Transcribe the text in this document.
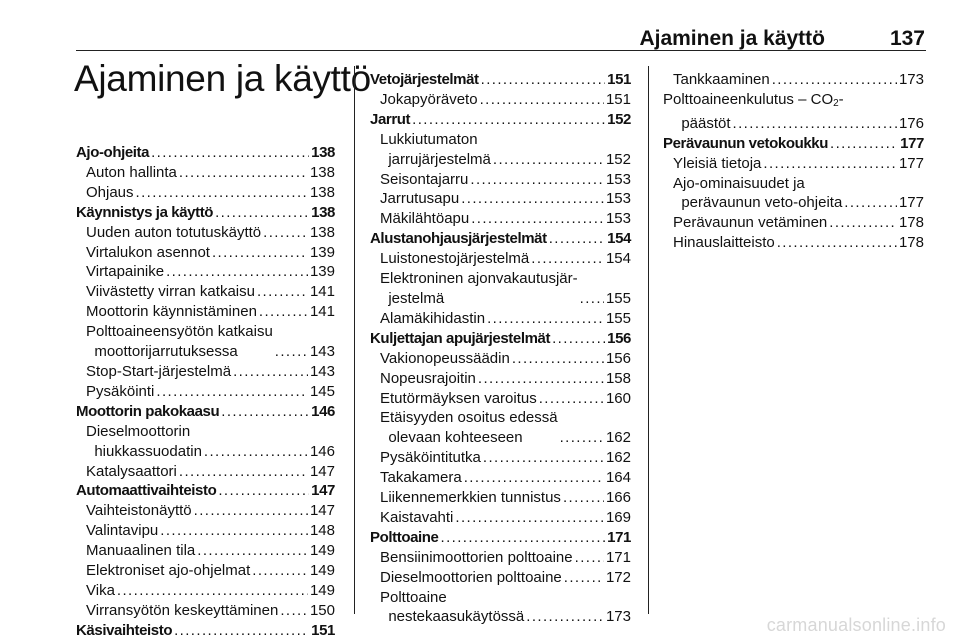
Ajaminen ja käyttö	137
Ajaminen ja käyttö
Ajo-ohjeita .....	138
Auton hallinta .....	138
Ohjaus .....	138
Käynnistys ja käyttö .....	138
Uuden auton totutuskäyttö .....	138
Virtalukon asennot .....	139
Virtapainike .....	139
Viivästetty virran katkaisu .....	141
Moottorin käynnistäminen .....	141
Polttoaineensyötön katkaisu
moottorijarrutuksessa .....	143
Stop-Start-järjestelmä .....	143
Pysäköinti .....	145
Moottorin pakokaasu .....	146
Dieselmoottorin
hiukkassuodatin .....	146
Katalysaattori .....	147
Automaattivaihteisto .....	147
Vaihteistonäyttö .....	147
Valintavipu .....	148
Manuaalinen tila .....	149
Elektroniset ajo-ohjelmat .....	149
Vika .....	149
Virransyötön keskeyttäminen ..... 150
Käsivaihteisto .....	151
Vetojärjestelmät .....	151
Jokapyöräveto .....	151
Jarrut .....	152
Lukkiutumaton
jarrujärjestelmä .....	152
Seisontajarru .....	153
Jarrutusapu .....	153
Mäkilähtöapu .....	153
Alustanohjausjärjestelmät .....	154
Luistonestojärjestelmä .....	154
Elektroninen ajonvakautusjär-
jestelmä .....	155
Alamäkihidastin .....	155
Kuljettajan apujärjestelmät .....	156
Vakionopeussäädin .....	156
Nopeusrajoitin .....	158
Etutörmäyksen varoitus .....	160
Etäisyyden osoitus edessä
olevaan kohteeseen .....	162
Pysäköintitutka .....	162
Takakamera .....	164
Liikennemerkkien tunnistus .....	166
Kaistavahti .....	169
Polttoaine .....	171
Bensiinimoottorien polttoaine ..... 171
Dieselmoottorien polttoaine .....	172
Polttoaine
nestekaasukäytössä .....	173
Tankkaaminen .....	173
Polttoaineenkulutus – $CO_2-$
päästöt .....	176
Perävaunun vetokoukku .....	177
Yleisiä tietoja .....	177
Ajo-ominaisuudet ja
perävaunun veto-ohjeita .....	177
Perävaunun vetäminen .....	178
Hinauslaitteisto .....	178
carmanualsonline.info
